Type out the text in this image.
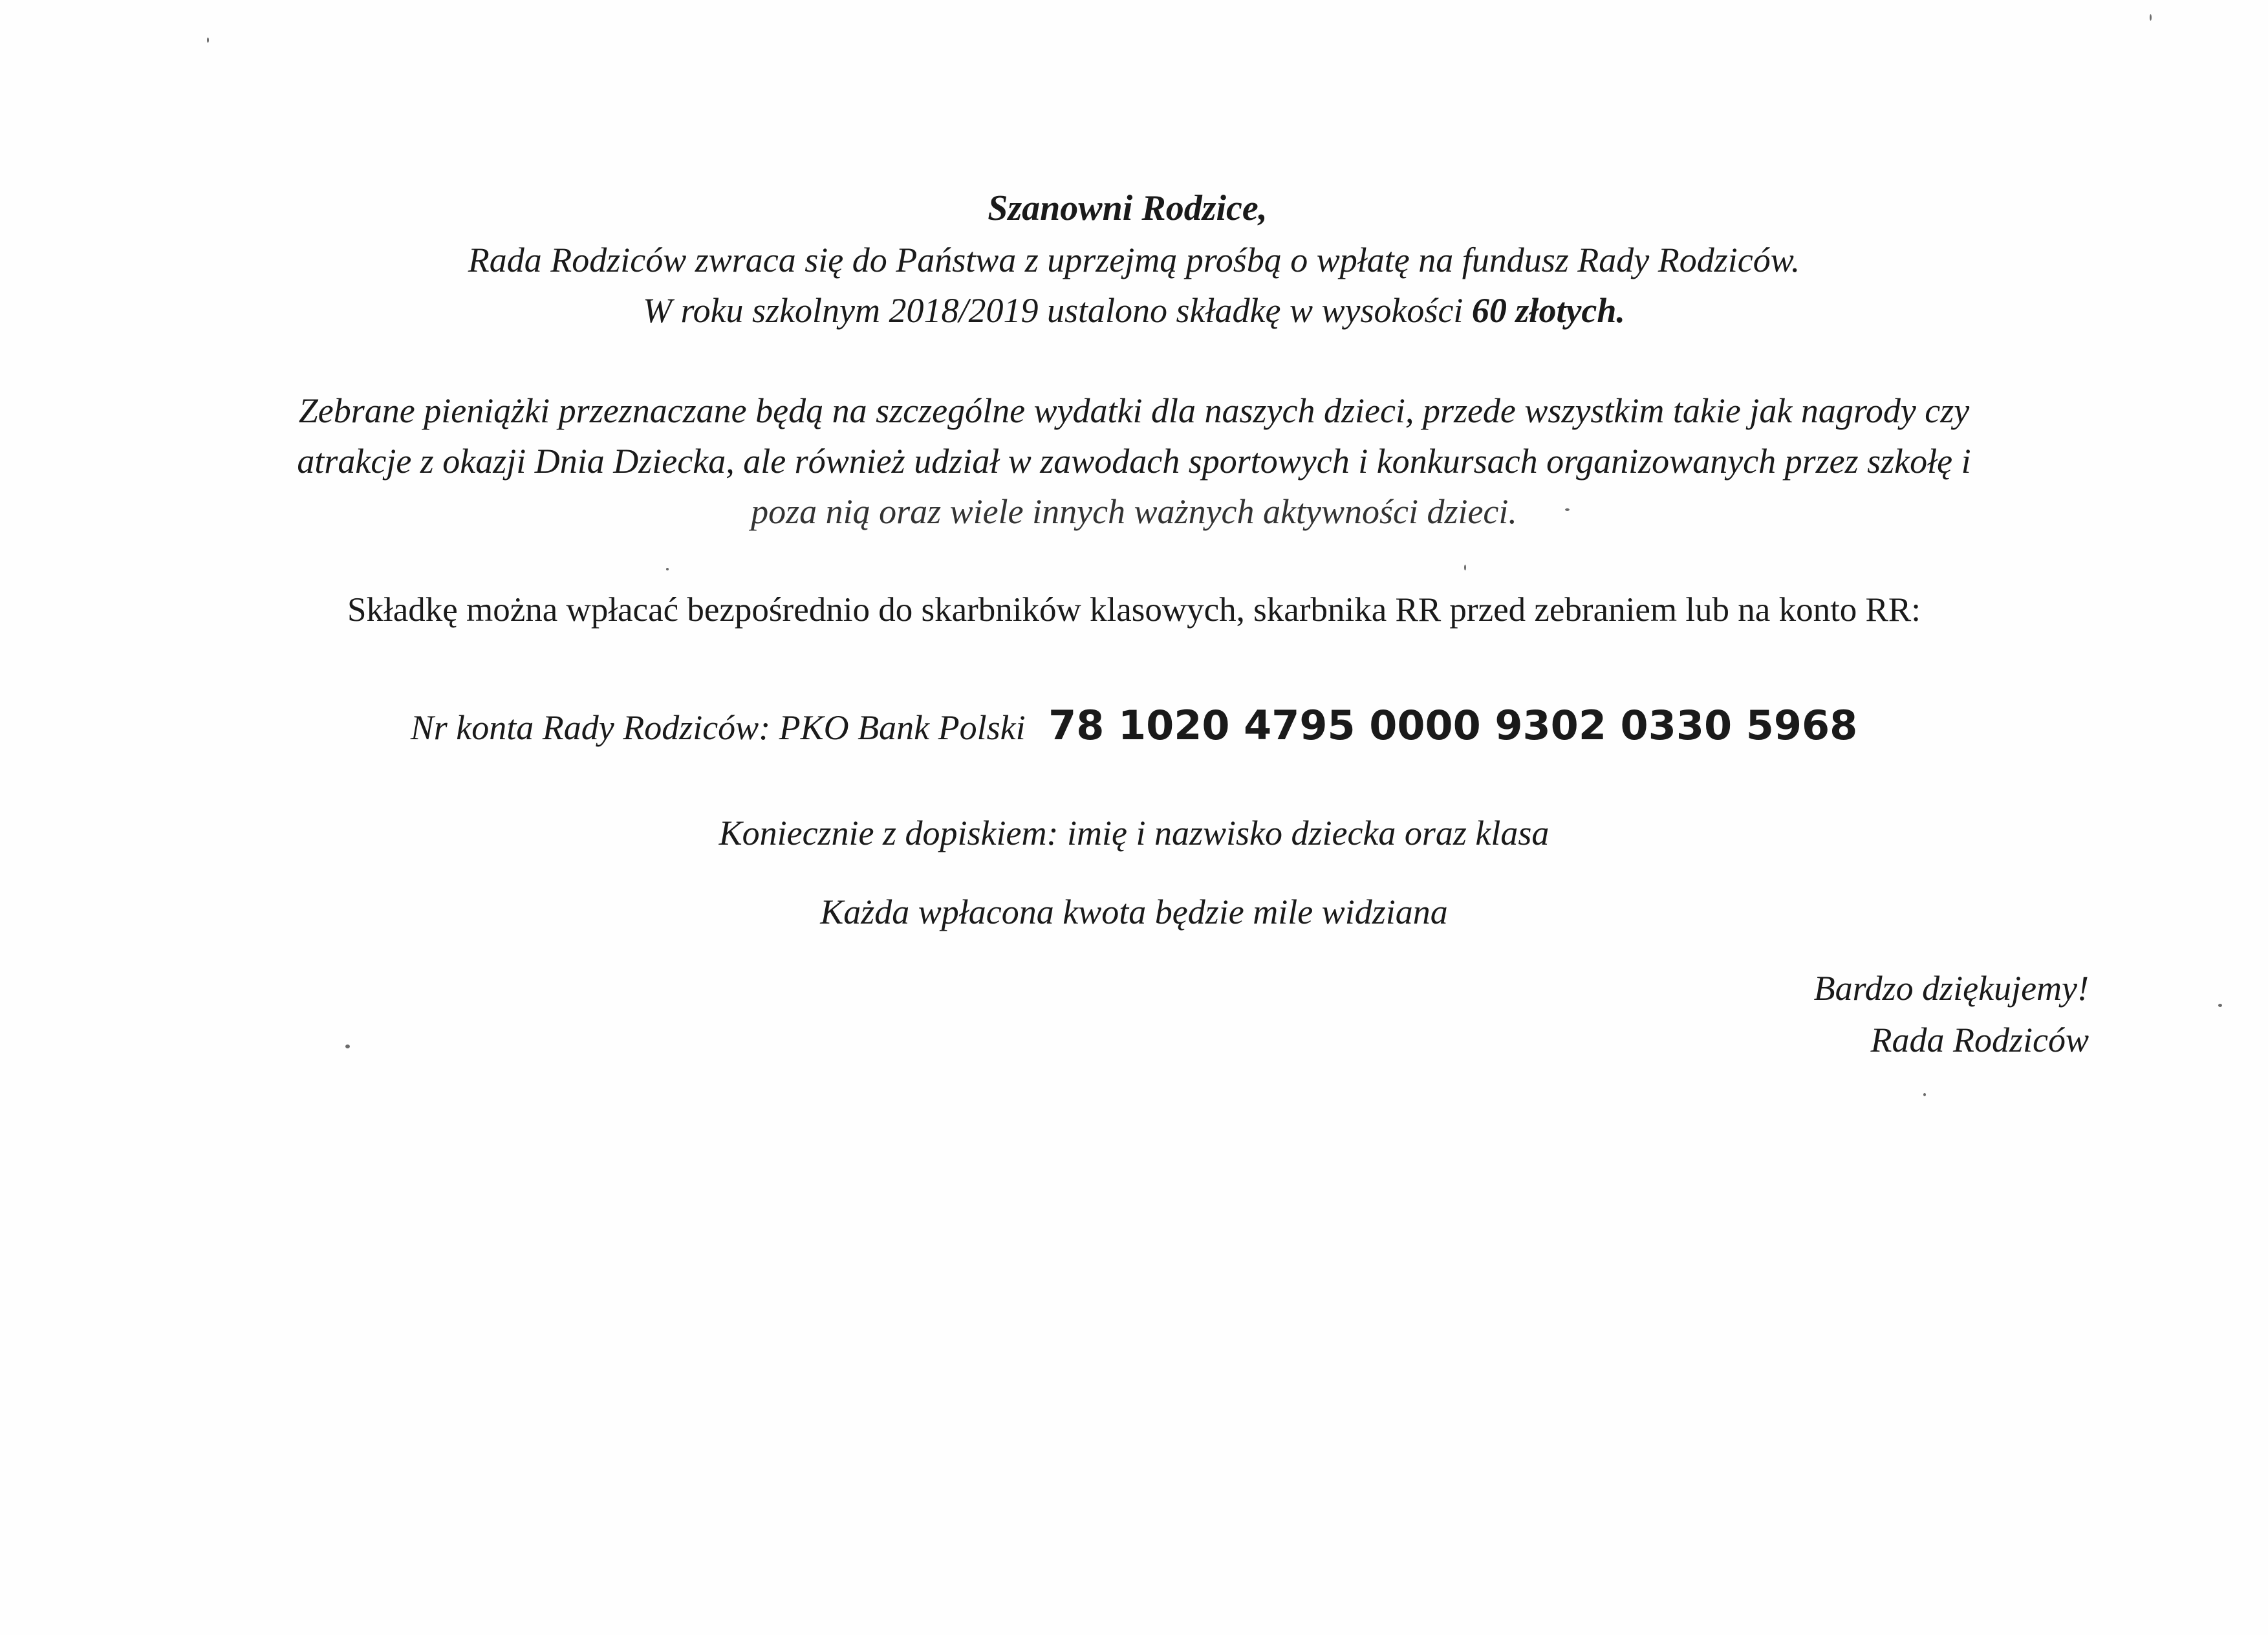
Szanowni Rodzice,
Rada Rodziców zwraca się do Państwa z uprzejmą prośbą o wpłatę na fundusz Rady Rodziców.
W roku szkolnym 2018/2019 ustalono składkę w wysokości 60 złotych.
Zebrane pieniążki przeznaczane będą na szczególne wydatki dla naszych dzieci, przede wszystkim takie jak nagrody czy
atrakcje z okazji Dnia Dziecka, ale również udział w zawodach sportowych i konkursach organizowanych przez szkołę i
poza nią oraz wiele innych ważnych aktywności dzieci.
Składkę można wpłacać bezpośrednio do skarbników klasowych, skarbnika RR przed zebraniem lub na konto RR:
Nr konta Rady Rodziców: PKO Bank Polski 78 1020 4795 0000 9302 0330 5968
Koniecznie z dopiskiem: imię i nazwisko dziecka oraz klasa
Każda wpłacona kwota będzie mile widziana
Bardzo dziękujemy!
Rada Rodziców
